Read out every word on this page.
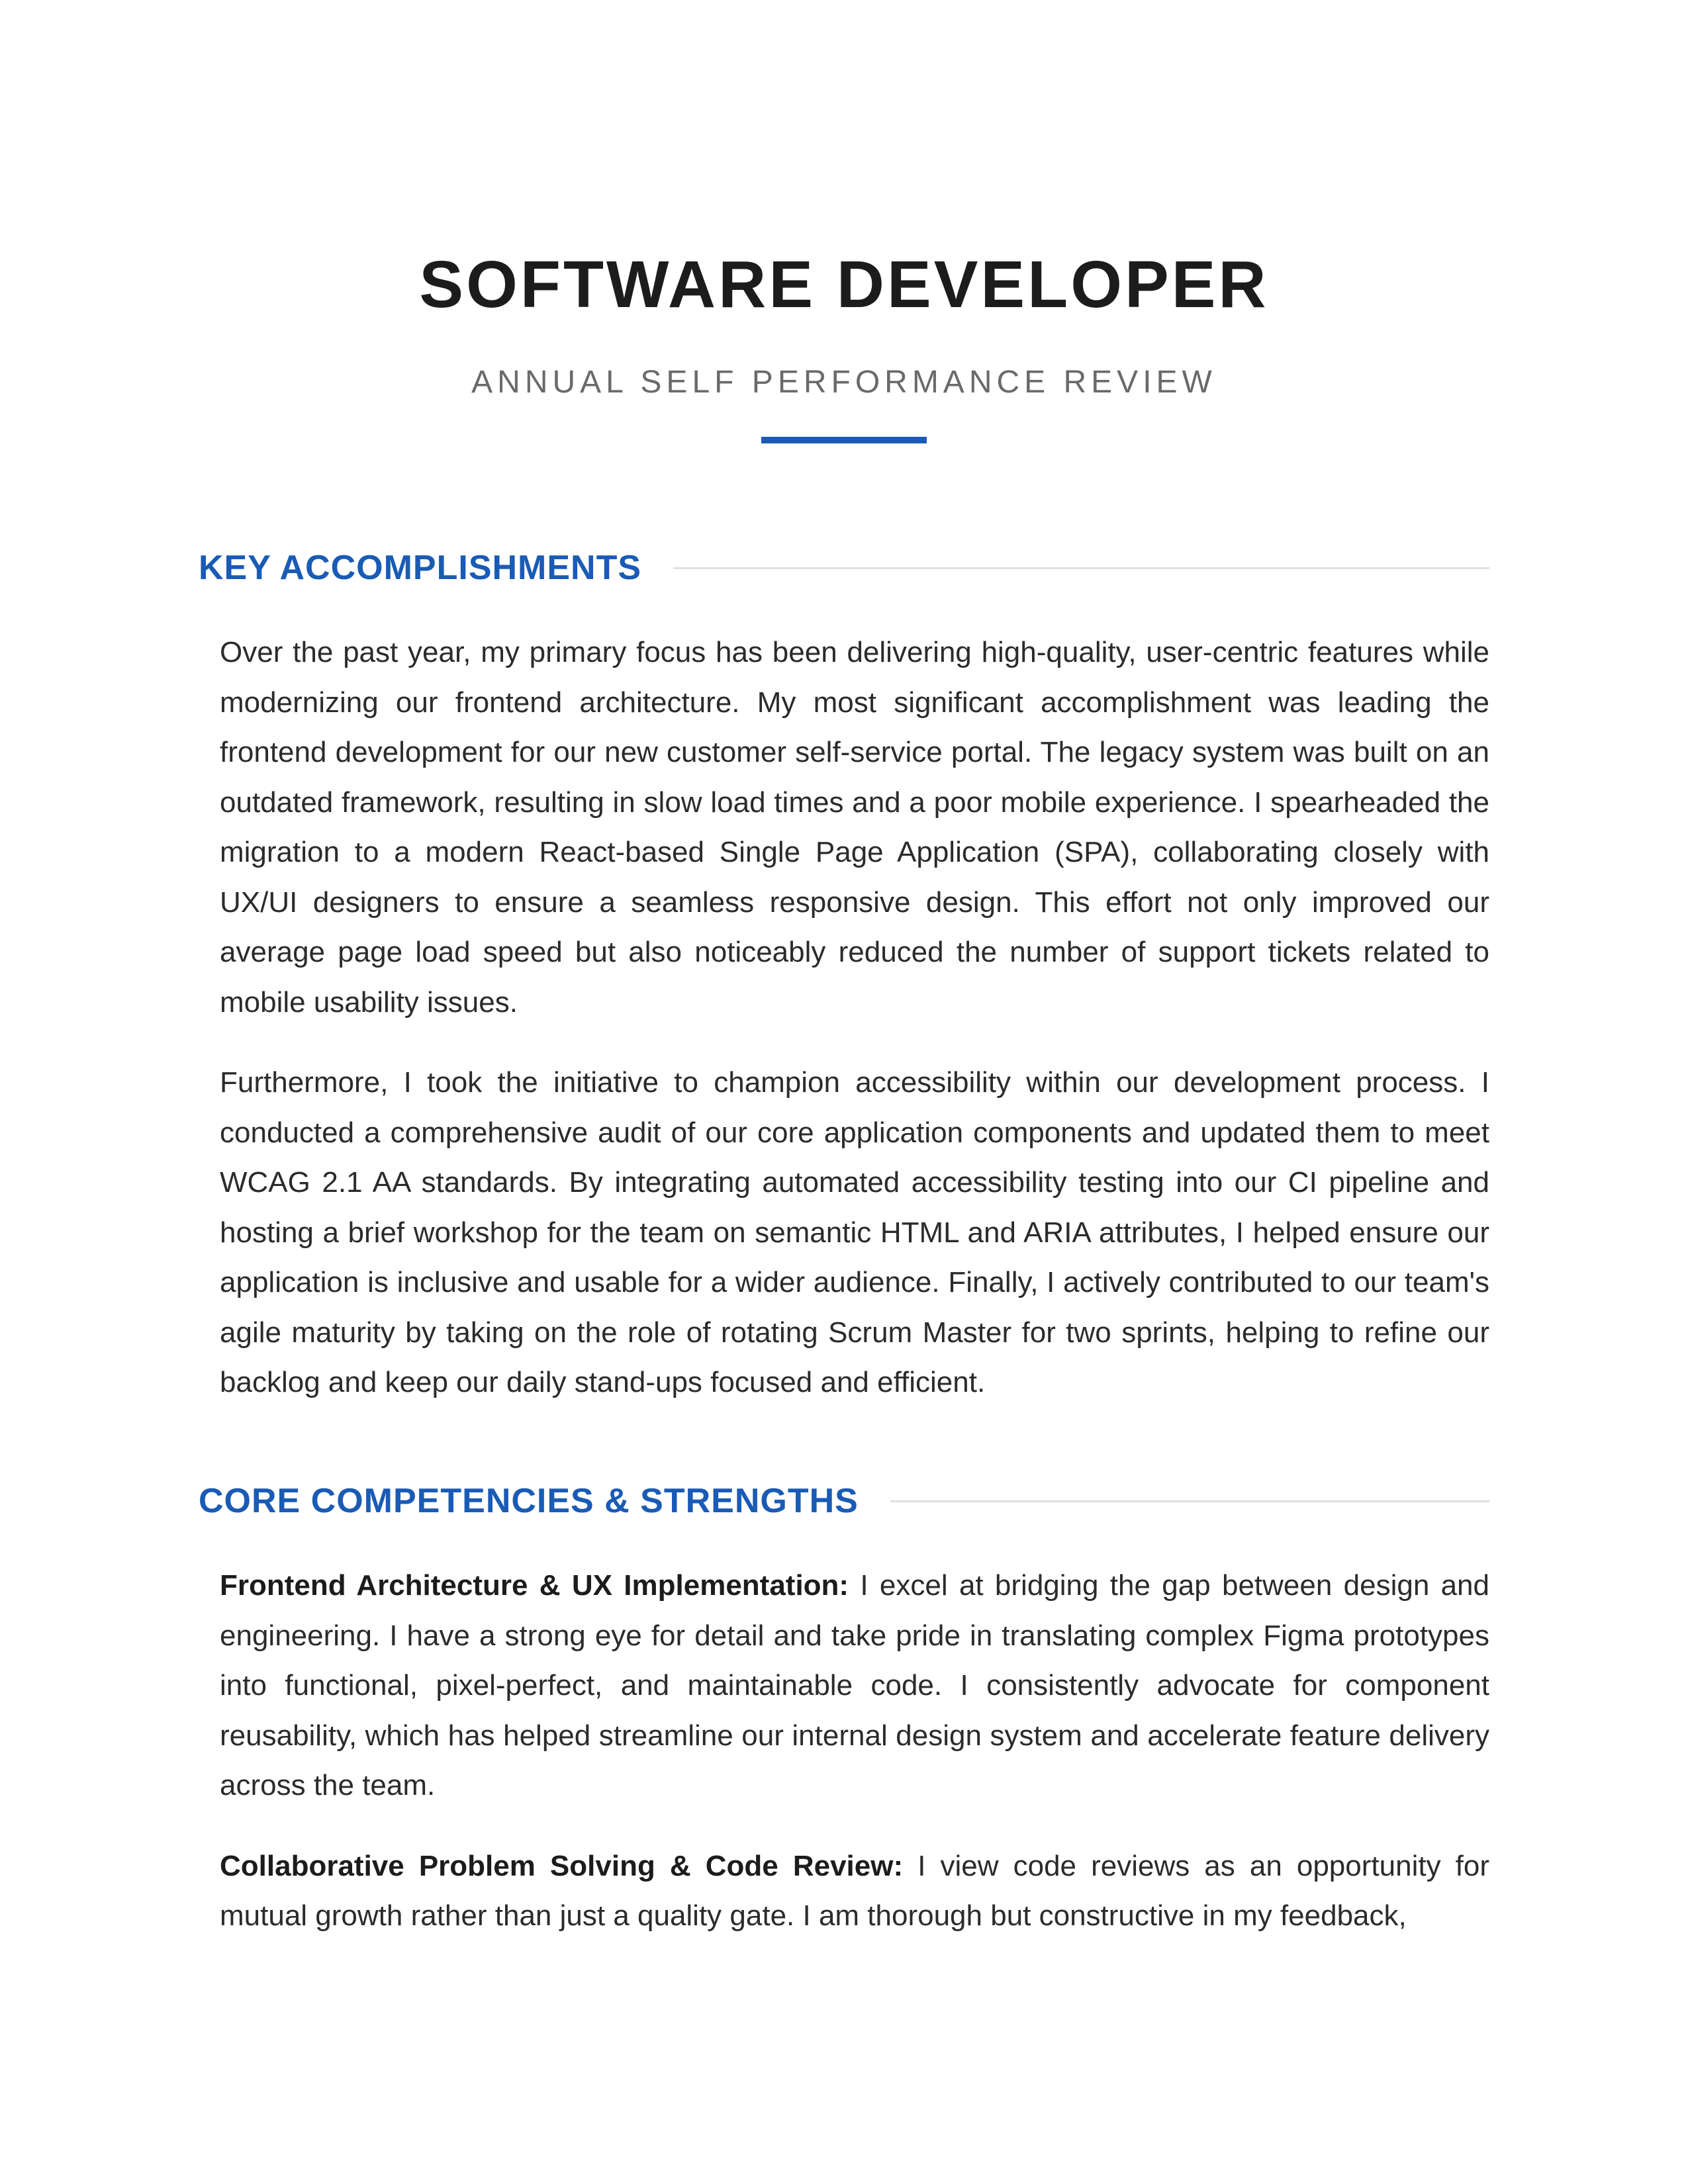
SOFTWARE DEVELOPER
ANNUAL SELF PERFORMANCE REVIEW
KEY ACCOMPLISHMENTS

Over the past year, my primary focus has been delivering high-quality, user-centric features while modernizing our frontend architecture. My most significant accomplishment was leading the frontend development for our new customer self-service portal. The legacy system was built on an outdated framework, resulting in slow load times and a poor mobile experience. I spearheaded the migration to a modern React-based Single Page Application (SPA), collaborating closely with UX/UI designers to ensure a seamless responsive design. This effort not only improved our average page load speed but also noticeably reduced the number of support tickets related to mobile usability issues.

Furthermore, I took the initiative to champion accessibility within our development process. I conducted a comprehensive audit of our core application components and updated them to meet WCAG 2.1 AA standards. By integrating automated accessibility testing into our CI pipeline and hosting a brief workshop for the team on semantic HTML and ARIA attributes, I helped ensure our application is inclusive and usable for a wider audience. Finally, I actively contributed to our team's agile maturity by taking on the role of rotating Scrum Master for two sprints, helping to refine our backlog and keep our daily stand-ups focused and efficient.

CORE COMPETENCIES & STRENGTHS

Frontend Architecture & UX Implementation: I excel at bridging the gap between design and engineering. I have a strong eye for detail and take pride in translating complex Figma prototypes into functional, pixel-perfect, and maintainable code. I consistently advocate for component reusability, which has helped streamline our internal design system and accelerate feature delivery across the team.

Collaborative Problem Solving & Code Review: I view code reviews as an opportunity for mutual growth rather than just a quality gate. I am thorough but constructive in my feedback,
